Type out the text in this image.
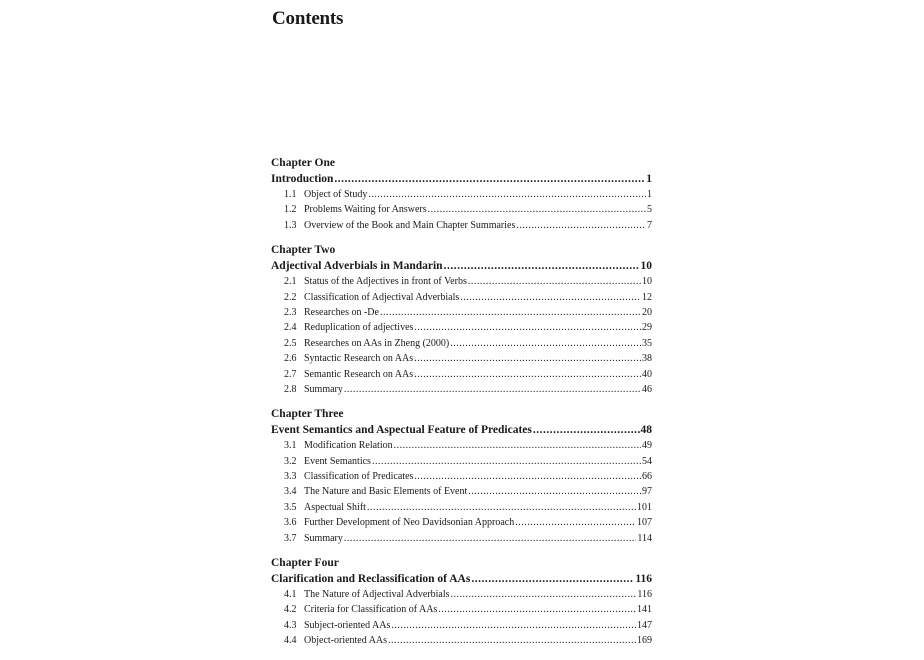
Contents
Chapter One
Introduction .....	1
1.1 Object of Study .....	1
1.2 Problems Waiting for Answers .....	5
1.3 Overview of the Book and Main Chapter Summaries .....	7
Chapter Two
Adjectival Adverbials in Mandarin .....	10
2.1 Status of the Adjectives in front of Verbs .....	10
2.2 Classification of Adjectival Adverbials .....	12
2.3 Researches on -De .....	20
2.4 Reduplication of adjectives .....	29
2.5 Researches on AAs in Zheng (2000) .....	35
2.6 Syntactic Research on AAs .....	38
2.7 Semantic Research on AAs .....	40
2.8 Summary .....	46
Chapter Three
Event Semantics and Aspectual Feature of Predicates .....	48
3.1 Modification Relation .....	49
3.2 Event Semantics .....	54
3.3 Classification of Predicates .....	66
3.4 The Nature and Basic Elements of Event .....	97
3.5 Aspectual Shift .....	101
3.6 Further Development of Neo Davidsonian Approach .....	107
3.7 Summary .....	114
Chapter Four
Clarification and Reclassification of AAs .....	116
4.1 The Nature of Adjectival Adverbials .....	116
4.2 Criteria for Classification of AAs .....	141
4.3 Subject-oriented AAs .....	147
4.4 Object-oriented AAs .....	169
